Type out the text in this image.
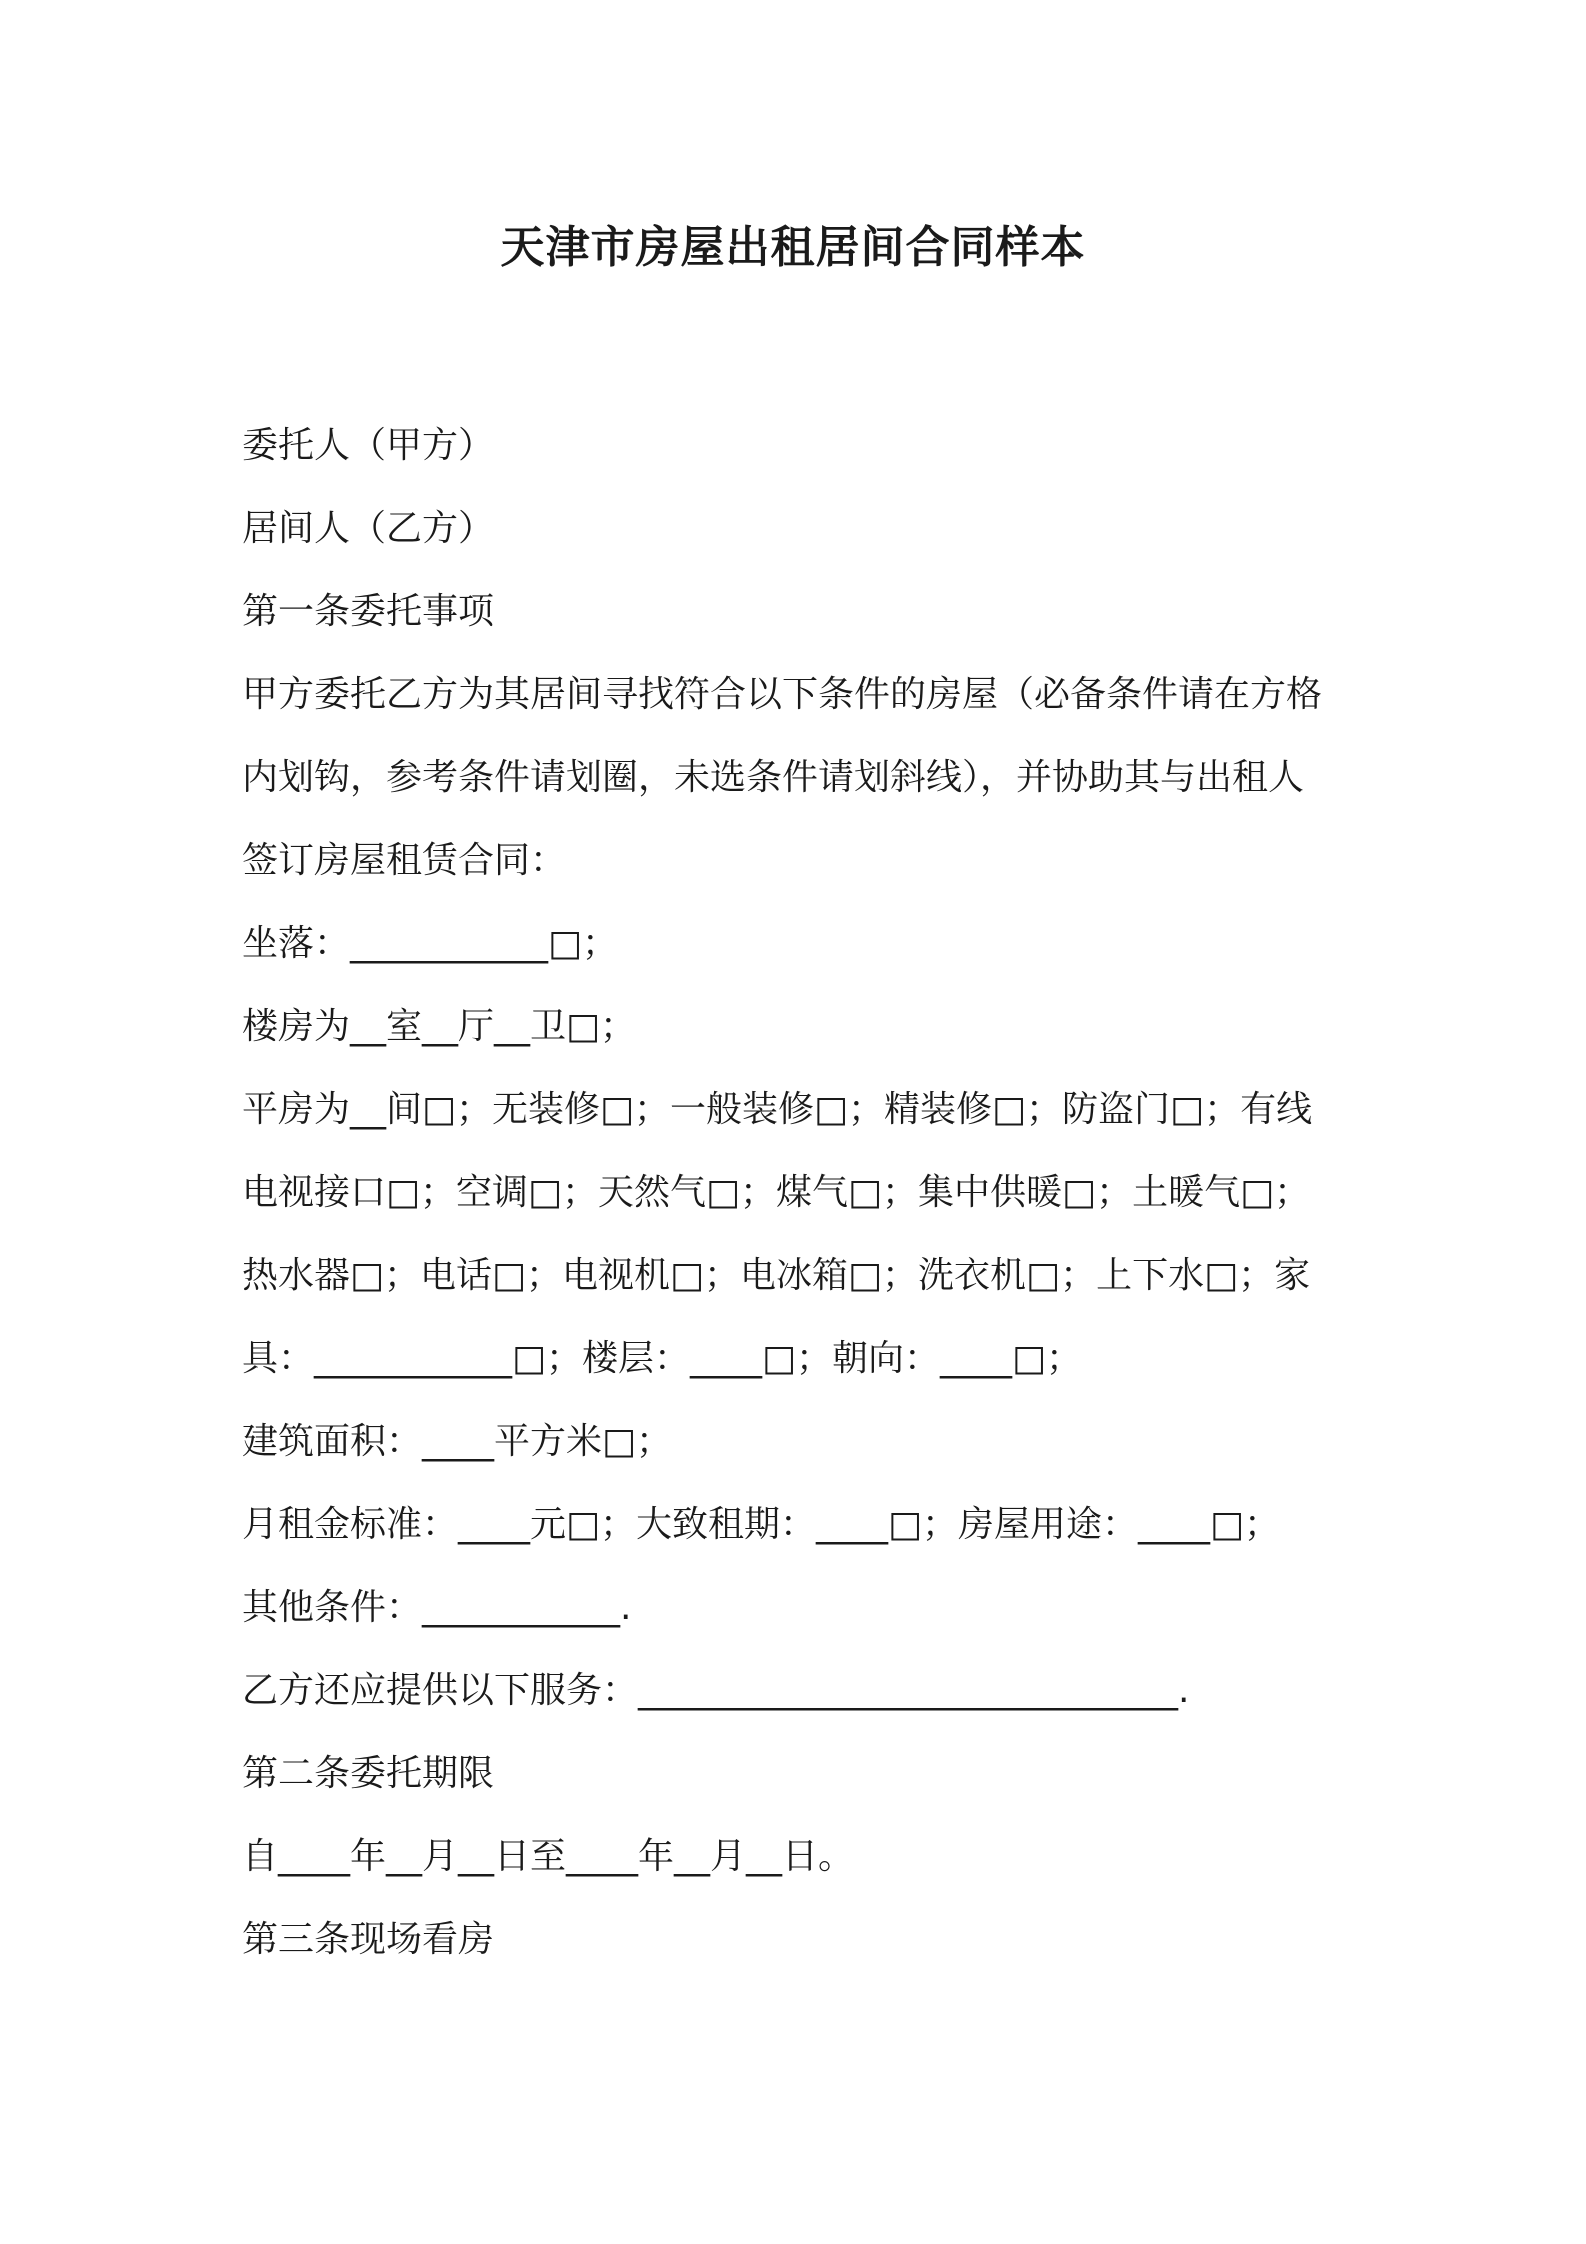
天津市房屋出租居间合同样本
委托人（甲方）
居间人（乙方）
第一条委托事项
甲方委托乙方为其居间寻找符合以下条件的房屋（必备条件请在方格
内划钩，参考条件请划圈，未选条件请划斜线），并协助其与出租人
签订房屋租赁合同：
坐落：___________□；
楼房为__室__厅__卫□；
平房为__间□；无装修□；一般装修□；精装修□；防盗门□；有线
电视接口□；空调□；天然气□；煤气□；集中供暖□；土暖气□；
热水器□；电话□；电视机□；电冰箱□；洗衣机□；上下水□；家
具：___________□；楼层：____□；朝向：____□；
建筑面积：____平方米□；
月租金标准：____元□；大致租期：____□；房屋用途：____□；
其他条件：___________.
乙方还应提供以下服务：______________________________.
第二条委托期限
自____年__月__日至____年__月__日。
第三条现场看房
